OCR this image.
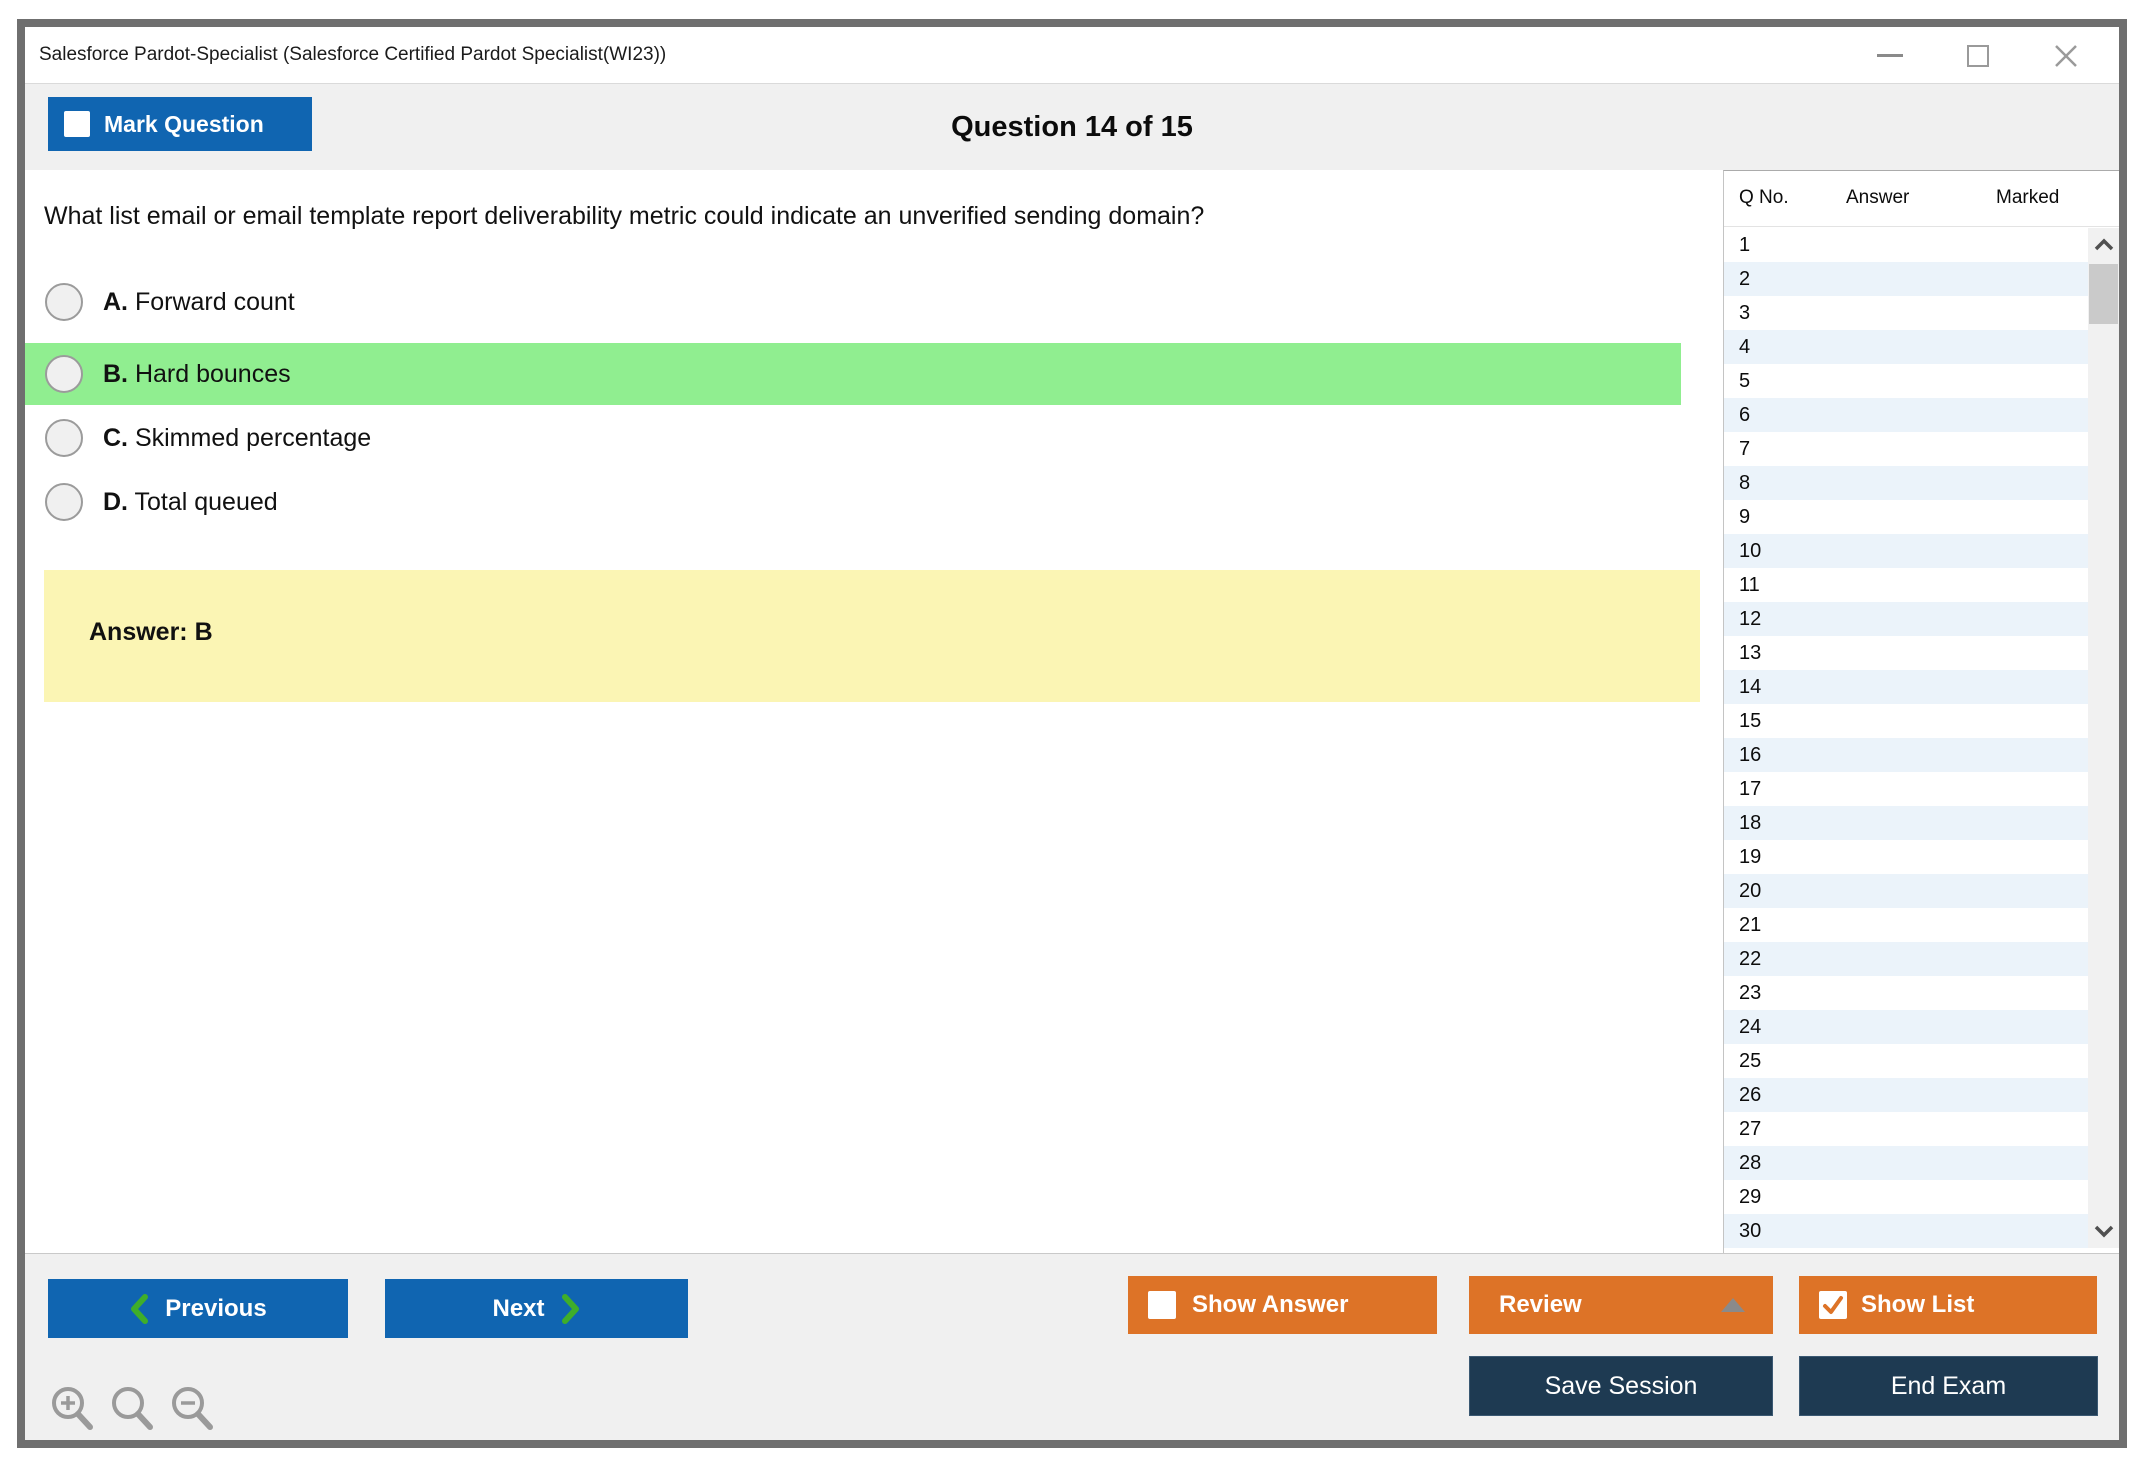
Salesforce Pardot-Specialist (Salesforce Certified Pardot Specialist(WI23))
Question 14 of 15
Mark Question
What list email or email template report deliverability metric could indicate an unverified sending domain?
A. Forward count
B. Hard bounces
C. Skimmed percentage
D. Total queued
Answer: B
Q No.	Answer	Marked
1
2
3
4
5
6
7
8
9
10
11
12
13
14
15
16
17
18
19
20
21
22
23
24
25
26
27
28
29
30
Previous	Next	Show Answer	Review	Show List
Save Session	End Exam
